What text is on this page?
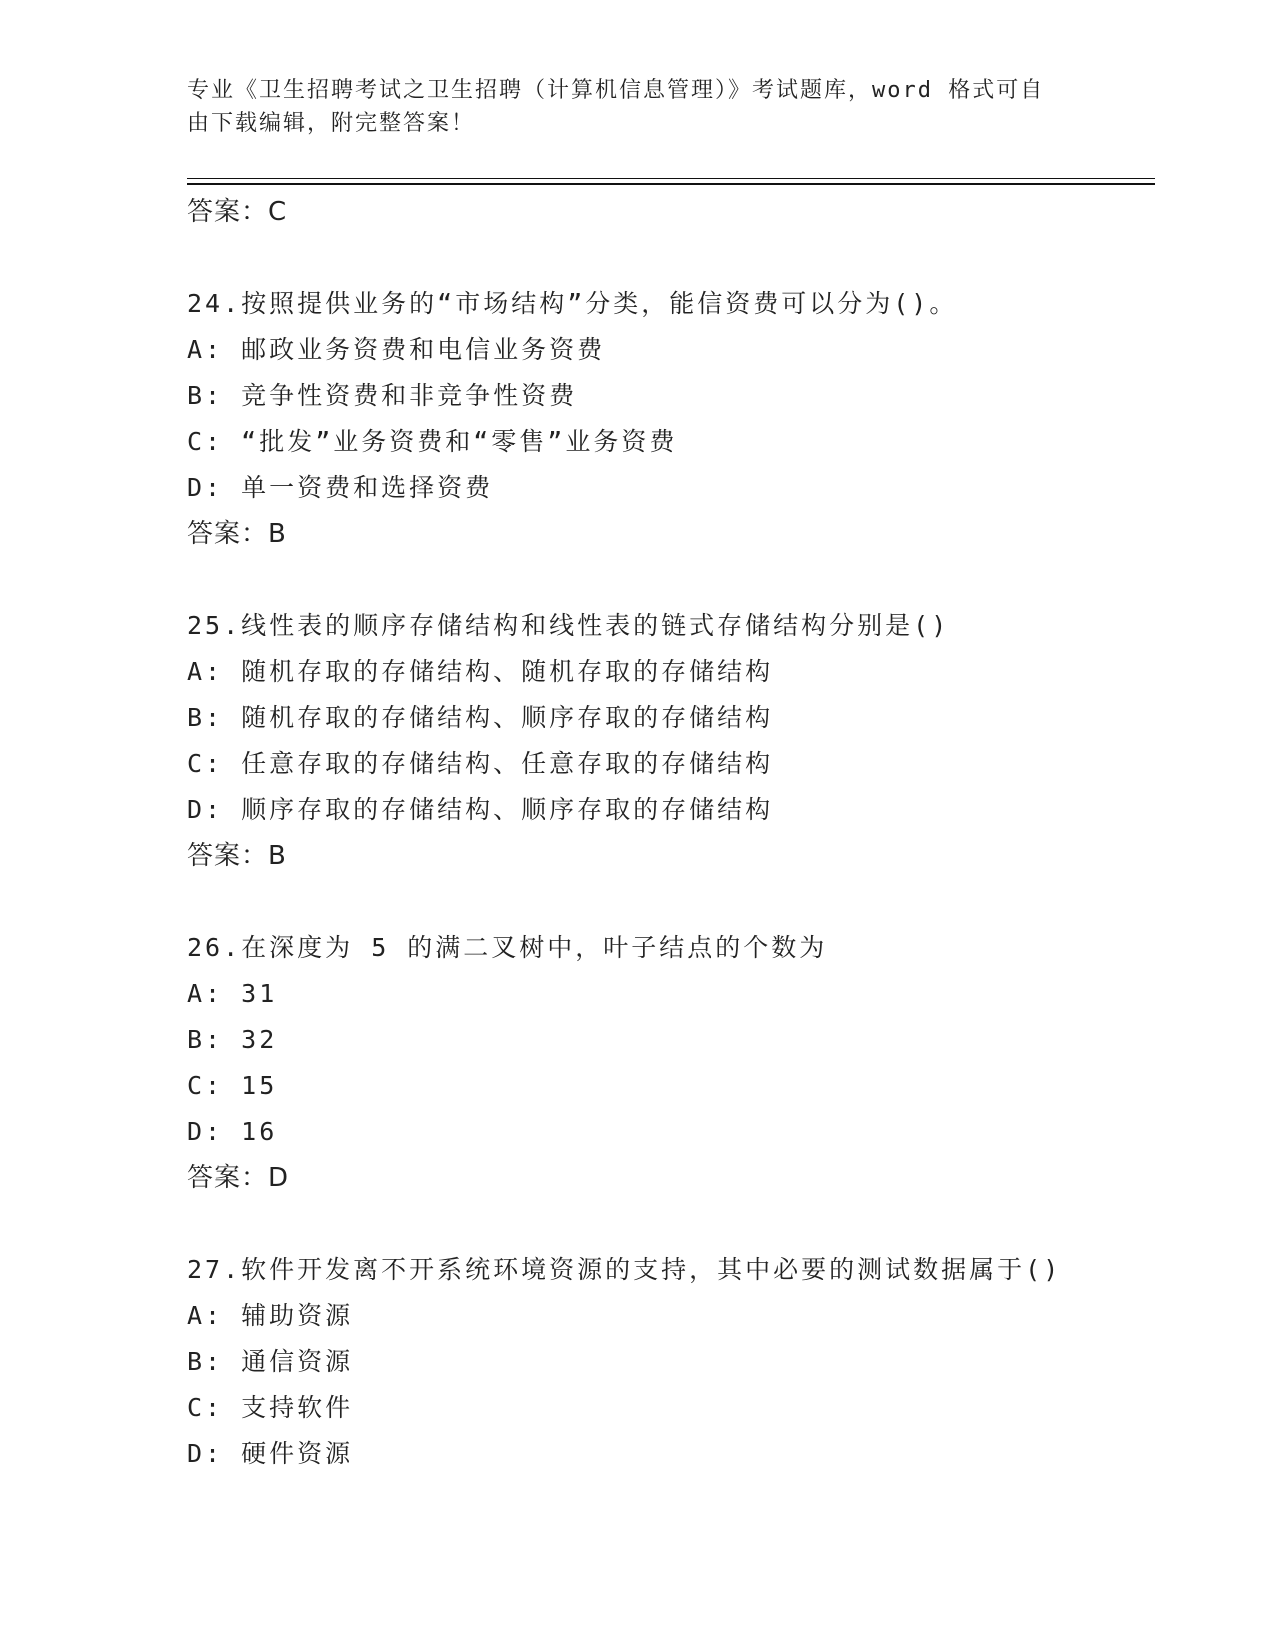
专业《卫生招聘考试之卫生招聘（计算机信息管理）》考试题库，word 格式可自
由下载编辑，附完整答案！
答案：C
24.按照提供业务的“市场结构”分类，能信资费可以分为()。
A: 邮政业务资费和电信业务资费
B: 竞争性资费和非竞争性资费
C: “批发”业务资费和“零售”业务资费
D: 单一资费和选择资费
答案：B
25.线性表的顺序存储结构和线性表的链式存储结构分别是()
A: 随机存取的存储结构、随机存取的存储结构
B: 随机存取的存储结构、顺序存取的存储结构
C: 任意存取的存储结构、任意存取的存储结构
D: 顺序存取的存储结构、顺序存取的存储结构
答案：B
26.在深度为 5 的满二叉树中，叶子结点的个数为
A: 31
B: 32
C: 15
D: 16
答案：D
27.软件开发离不开系统环境资源的支持，其中必要的测试数据属于()
A: 辅助资源
B: 通信资源
C: 支持软件
D: 硬件资源
